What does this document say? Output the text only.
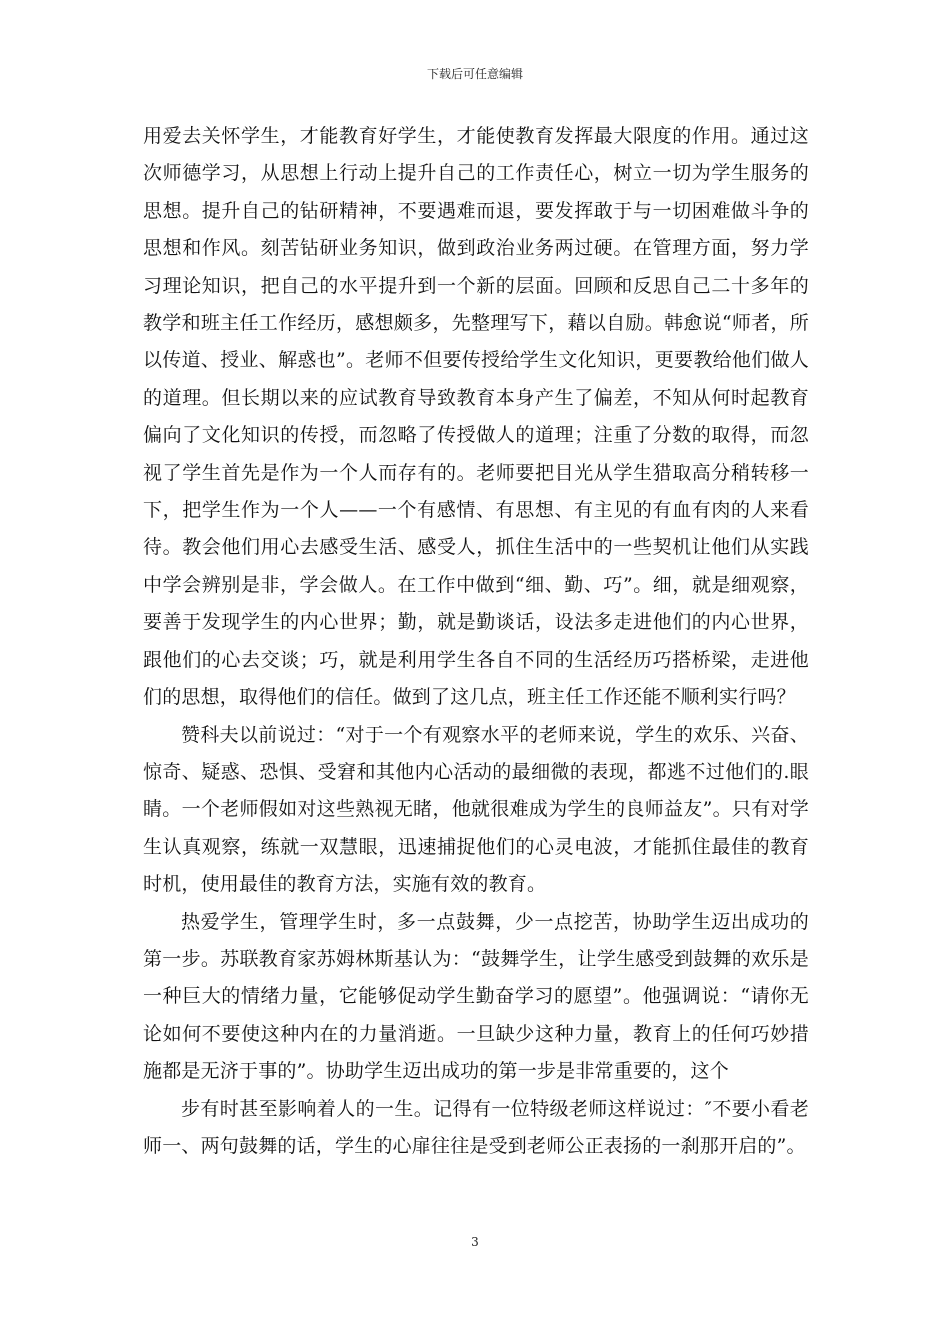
下载后可任意编辑

用爱去关怀学生，才能教育好学生，才能使教育发挥最大限度的作用。通过这次师德学习，从思想上行动上提升自己的工作责任心，树立一切为学生服务的思想。提升自己的钻研精神，不要遇难而退，要发挥敢于与一切困难做斗争的思想和作风。刻苦钻研业务知识，做到政治业务两过硬。在管理方面，努力学习理论知识，把自己的水平提升到一个新的层面。回顾和反思自己二十多年的教学和班主任工作经历，感想颇多，先整理写下，藉以自励。韩愈说“师者，所以传道、授业、解惑也”。老师不但要传授给学生文化知识，更要教给他们做人的道理。但长期以来的应试教育导致教育本身产生了偏差，不知从何时起教育偏向了文化知识的传授，而忽略了传授做人的道理；注重了分数的取得，而忽视了学生首先是作为一个人而存有的。老师要把目光从学生猎取高分稍转移一下，把学生作为一个人——一个有感情、有思想、有主见的有血有肉的人来看待。教会他们用心去感受生活、感受人，抓住生活中的一些契机让他们从实践中学会辨别是非，学会做人。在工作中做到“细、勤、巧”。细，就是细观察，要善于发现学生的内心世界；勤，就是勤谈话，设法多走进他们的内心世界，跟他们的心去交谈；巧，就是利用学生各自不同的生活经历巧搭桥梁，走进他们的思想，取得他们的信任。做到了这几点，班主任工作还能不顺利实行吗？

赞科夫以前说过：“对于一个有观察水平的老师来说，学生的欢乐、兴奋、惊奇、疑惑、恐惧、受窘和其他内心活动的最细微的表现，都逃不过他们的.眼睛。一个老师假如对这些熟视无睹，他就很难成为学生的良师益友”。只有对学生认真观察，练就一双慧眼，迅速捕捉他们的心灵电波，才能抓住最佳的教育时机，使用最佳的教育方法，实施有效的教育。

热爱学生，管理学生时，多一点鼓舞，少一点挖苦，协助学生迈出成功的第一步。苏联教育家苏姆林斯基认为：“鼓舞学生，让学生感受到鼓舞的欢乐是一种巨大的情绪力量，它能够促动学生勤奋学习的愿望”。他强调说：“请你无论如何不要使这种内在的力量消逝。一旦缺少这种力量，教育上的任何巧妙措施都是无济于事的”。协助学生迈出成功的第一步是非常重要的，这个

步有时甚至影响着人的一生。记得有一位特级老师这样说过：″不要小看老师一、两句鼓舞的话，学生的心扉往往是受到老师公正表扬的一刹那开启的”。

3
